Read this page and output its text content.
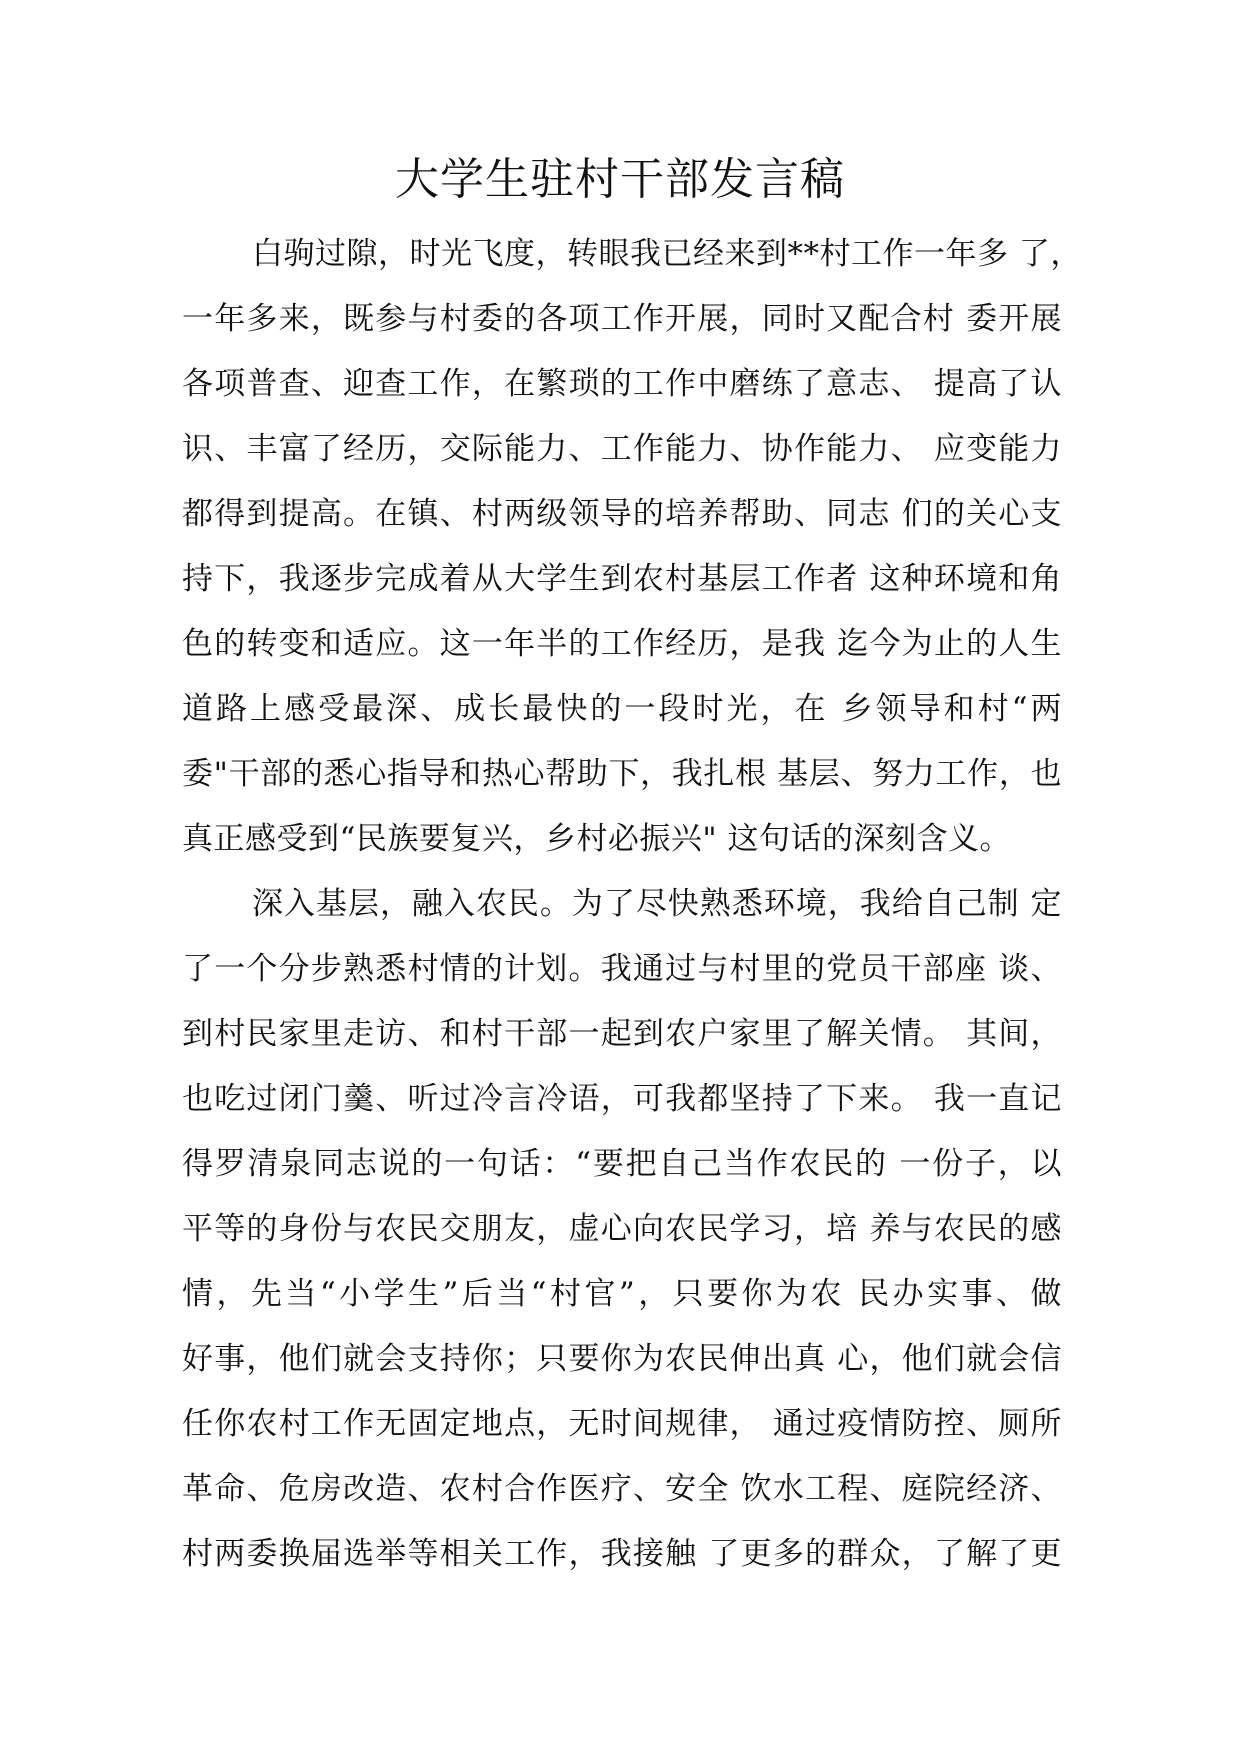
大学生驻村干部发言稿
白驹过隙，时光飞度，转眼我已经来到**村工作一年多 了，
一年多来，既参与村委的各项工作开展，同时又配合村 委开展
各项普查、迎查工作，在繁琐的工作中磨练了意志、 提高了认
识、丰富了经历，交际能力、工作能力、协作能力、 应变能力
都得到提高。在镇、村两级领导的培养帮助、同志 们的关心支
持下，我逐步完成着从大学生到农村基层工作者 这种环境和角
色的转变和适应。这一年半的工作经历，是我 迄今为止的人生
道路上感受最深、成长最快的一段时光，在 乡领导和村“两
委"干部的悉心指导和热心帮助下，我扎根 基层、努力工作，也
真正感受到“民族要复兴，乡村必振兴" 这句话的深刻含义。
深入基层，融入农民。为了尽快熟悉环境，我给自己制 定
了一个分步熟悉村情的计划。我通过与村里的党员干部座 谈、
到村民家里走访、和村干部一起到农户家里了解关情。 其间，
也吃过闭门羹、听过冷言冷语，可我都坚持了下来。 我一直记
得罗清泉同志说的一句话：“要把自己当作农民的 一份子，以
平等的身份与农民交朋友，虚心向农民学习，培 养与农民的感
情，先当“小学生”后当“村官”，只要你为农 民办实事、做
好事，他们就会支持你；只要你为农民伸出真 心，他们就会信
任你农村工作无固定地点，无时间规律， 通过疫情防控、厕所
革命、危房改造、农村合作医疗、安全 饮水工程、庭院经济、
村两委换届选举等相关工作，我接触 了更多的群众，了解了更
